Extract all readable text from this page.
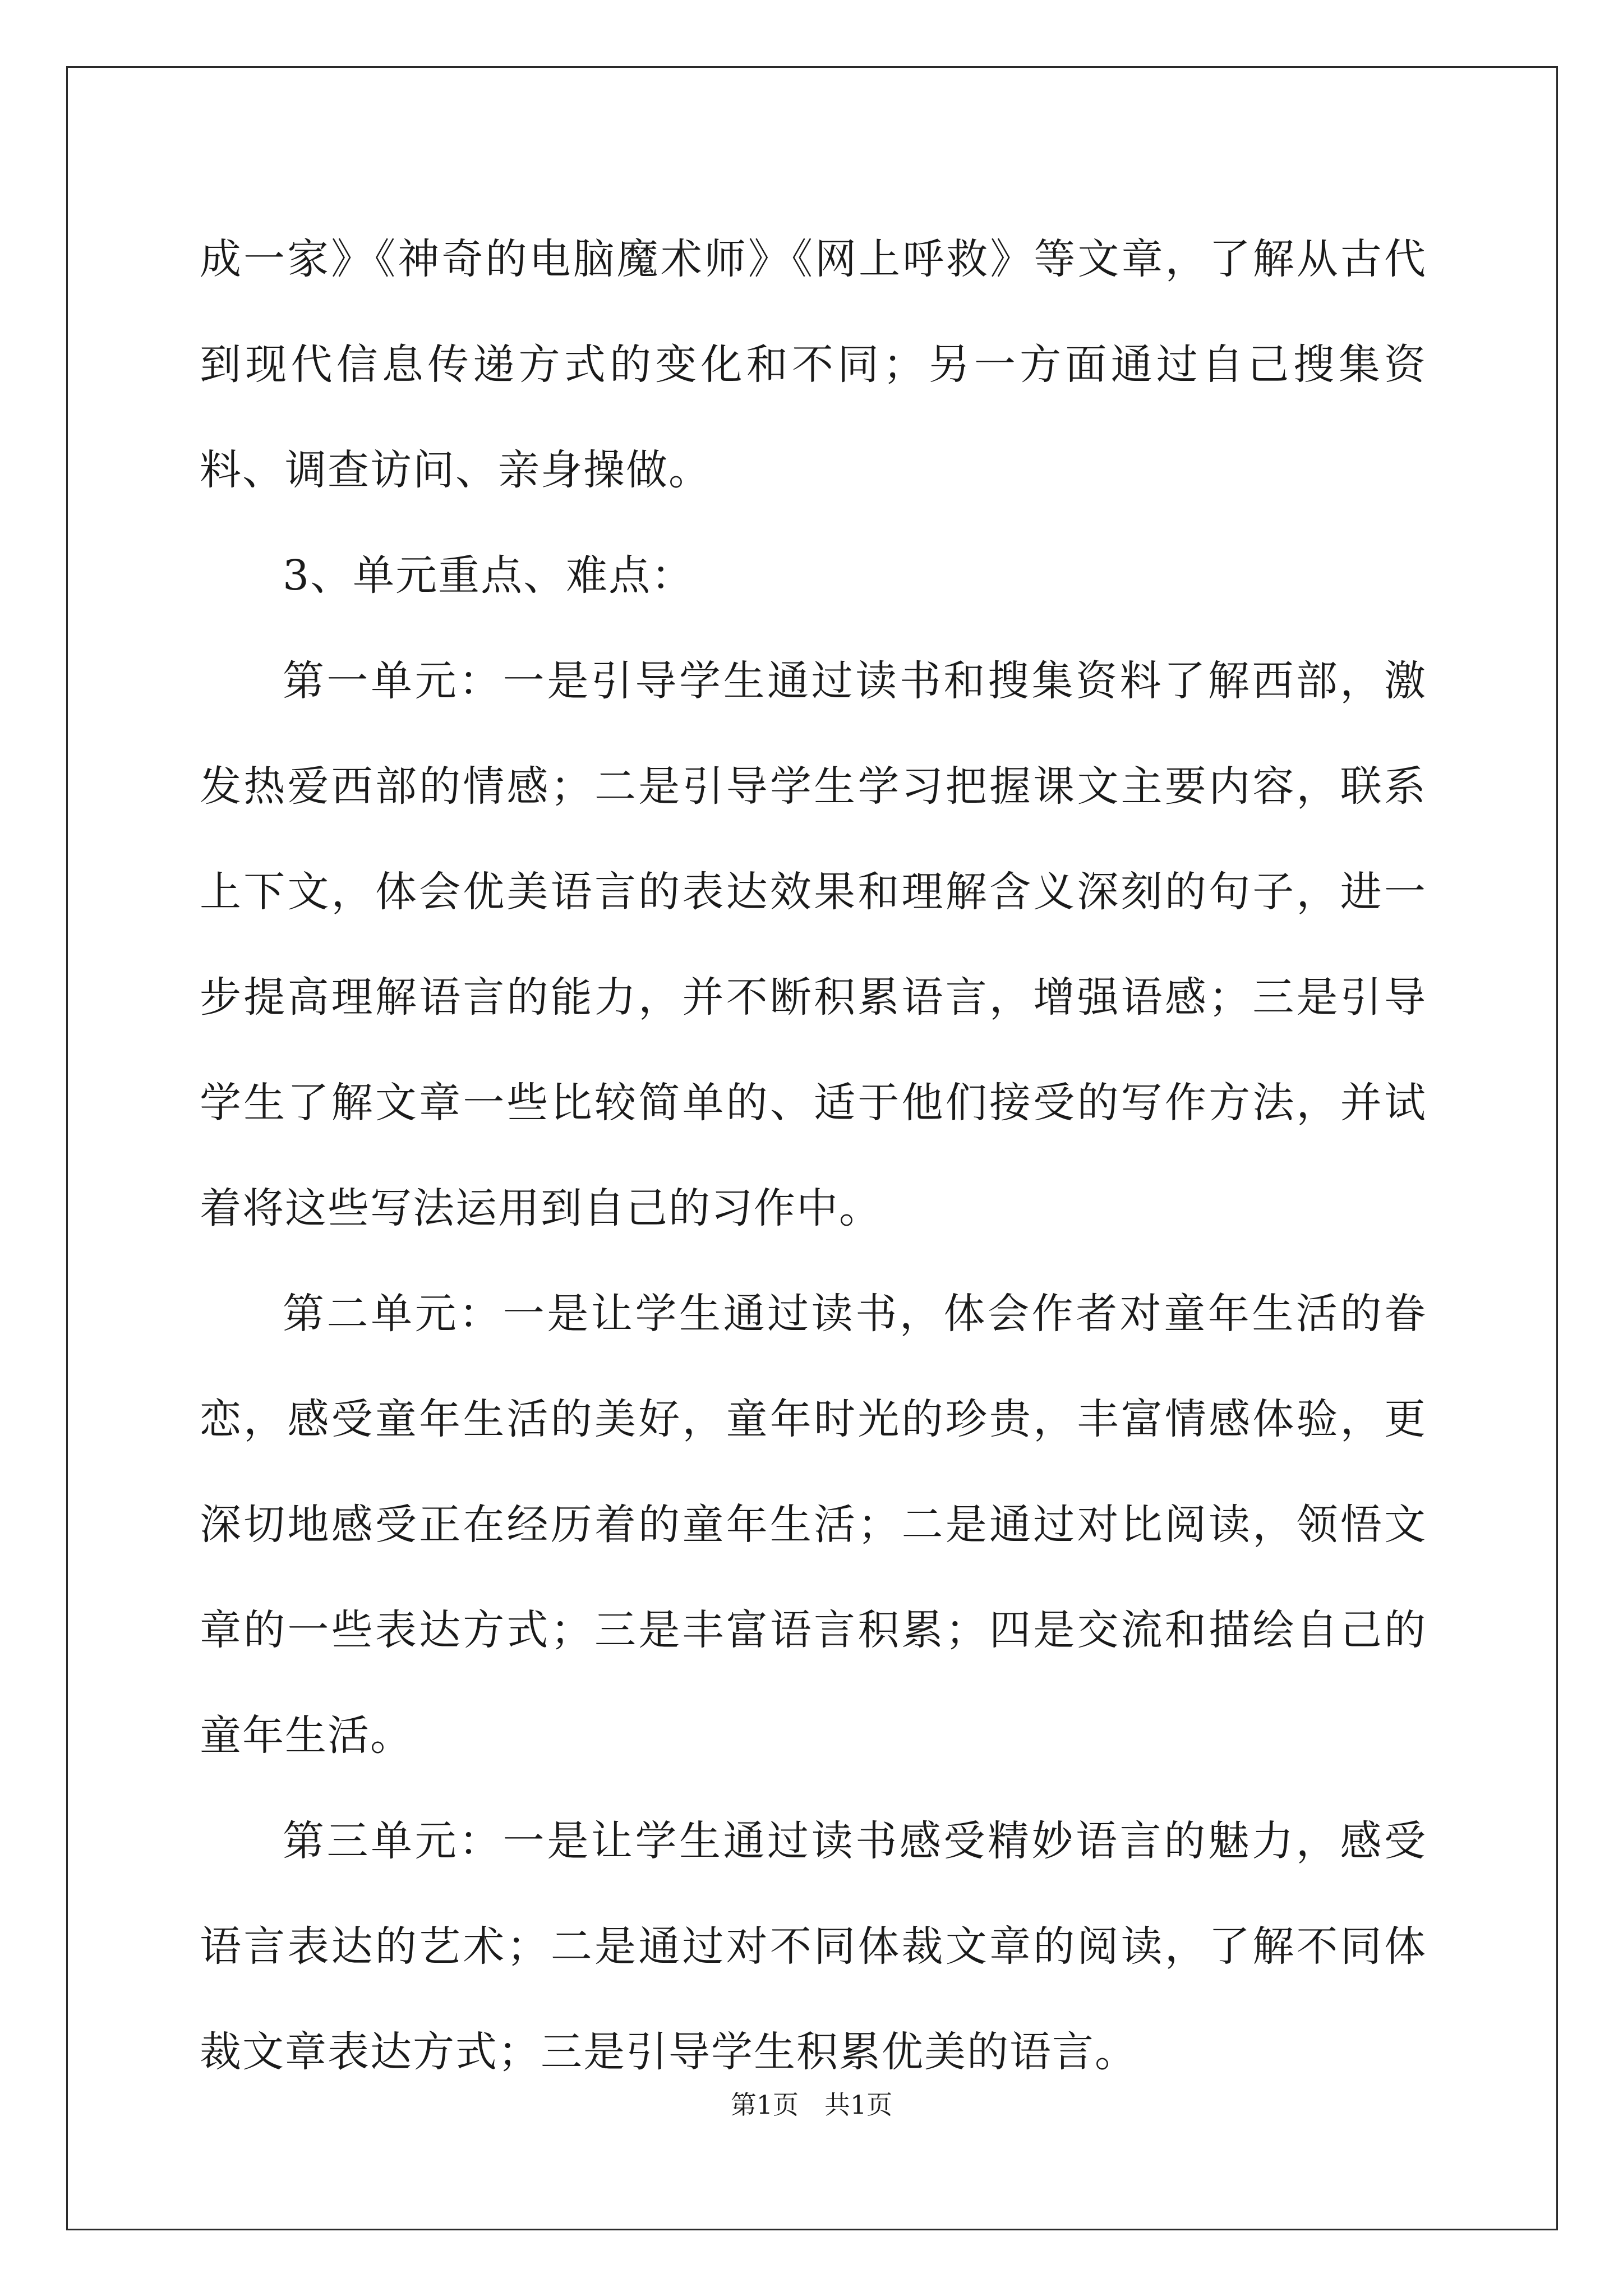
成一家》《神奇的电脑魔术师》《网上呼救》等文章，了解从古代到现代信息传递方式的变化和不同；另一方面通过自己搜集资料、调查访问、亲身操做。

3、单元重点、难点：

第一单元：一是引导学生通过读书和搜集资料了解西部，激发热爱西部的情感；二是引导学生学习把握课文主要内容，联系上下文，体会优美语言的表达效果和理解含义深刻的句子，进一步提高理解语言的能力，并不断积累语言，增强语感；三是引导学生了解文章一些比较简单的、适于他们接受的写作方法，并试着将这些写法运用到自己的习作中。

第二单元：一是让学生通过读书，体会作者对童年生活的眷恋，感受童年生活的美好，童年时光的珍贵，丰富情感体验，更深切地感受正在经历着的童年生活；二是通过对比阅读，领悟文章的一些表达方式；三是丰富语言积累；四是交流和描绘自己的童年生活。

第三单元：一是让学生通过读书感受精妙语言的魅力，感受语言表达的艺术；二是通过对不同体裁文章的阅读，了解不同体裁文章表达方式；三是引导学生积累优美的语言。

第1页　共1页
